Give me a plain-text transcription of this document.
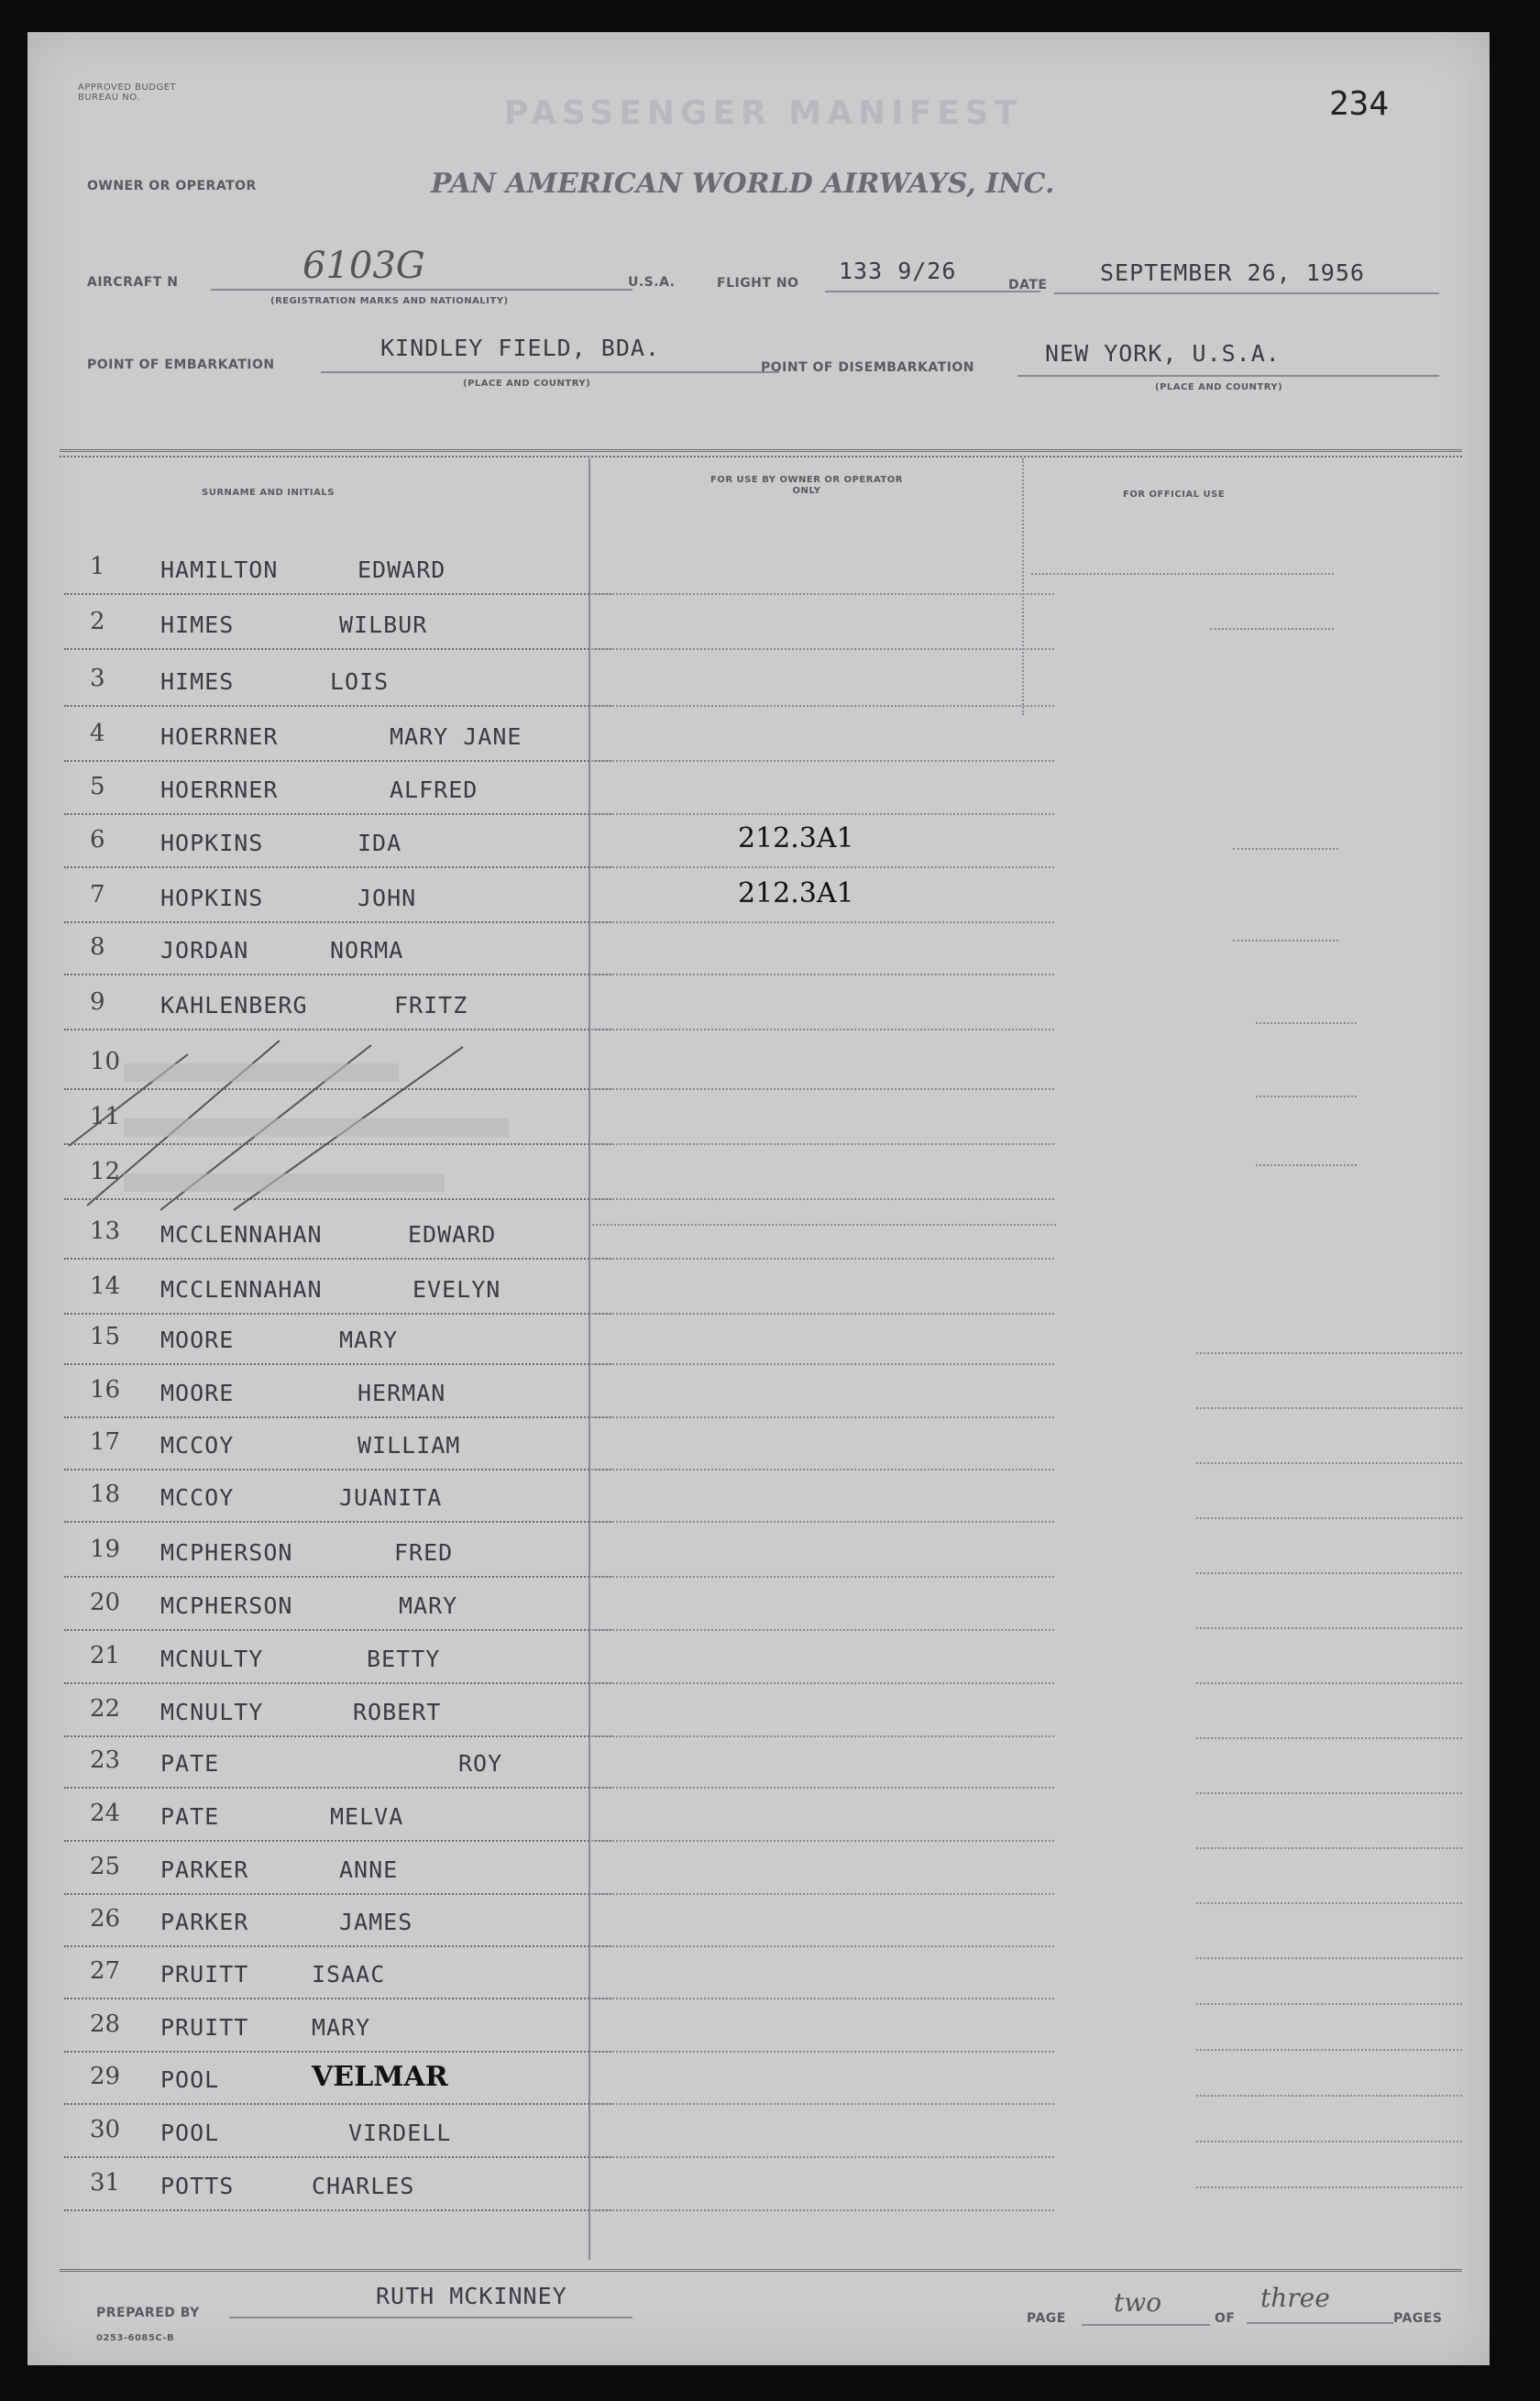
APPROVED BUDGET BUREAU NO.	PASSENGER MANIFEST	234
OWNER OR OPERATOR	PAN AMERICAN WORLD AIRWAYS, INC.
AIRCRAFT N	6103G
(REGISTRATION MARKS AND NATIONALITY)
U.S.A.	FLIGHT NO 133 9/26
DATE SEPTEMBER 26, 1956
POINT OF EMBARKATION
KINDLEY FIELD, BDA.
(PLACE AND COUNTRY)
POINT OF DISEMBARKATION
NEW YORK, U.S.A.
(PLACE AND COUNTRY)
SURNAME AND INITIALS
FOR USE BY OWNER OR OPERATOR ONLY	FOR OFFICIAL USE
1 HAMILTON	EDWARD
2 HIMES	WILBUR
3 HIMES	LOIS
4 HOERRNER	MARY JANE
5 HOERRNER	ALFRED
6 HOPKINS	IDA	212.3A1
7 HOPKINS	JOHN	212.3A1
8 JORDAN	NORMA
9 KAHLENBERG	FRITZ
10
11
12
13 MCCLENNAHAN	EDWARD
14 MCCLENNAHAN	EVELYN
15 MOORE	MARY
16 MOORE	HERMAN
17 MCCOY	WILLIAM
18 MCCOY	JUANITA
19 MCPHERSON	FRED
20 MCPHERSON	MARY
21 MCNULTY	BETTY
22 MCNULTY	ROBERT
23 PATE	ROY
24 PATE	MELVA
25 PARKER	ANNE
26 PARKER	JAMES
27 PRUITT	ISAAC
28 PRUITT	MARY
29 POOL	VELMAR
30 POOL	VIRDELL
31 POTTS	CHARLES
PREPARED BY
RUTH MCKINNEY
0253-6085C-B
PAGE
two
OF
three
PAGES
